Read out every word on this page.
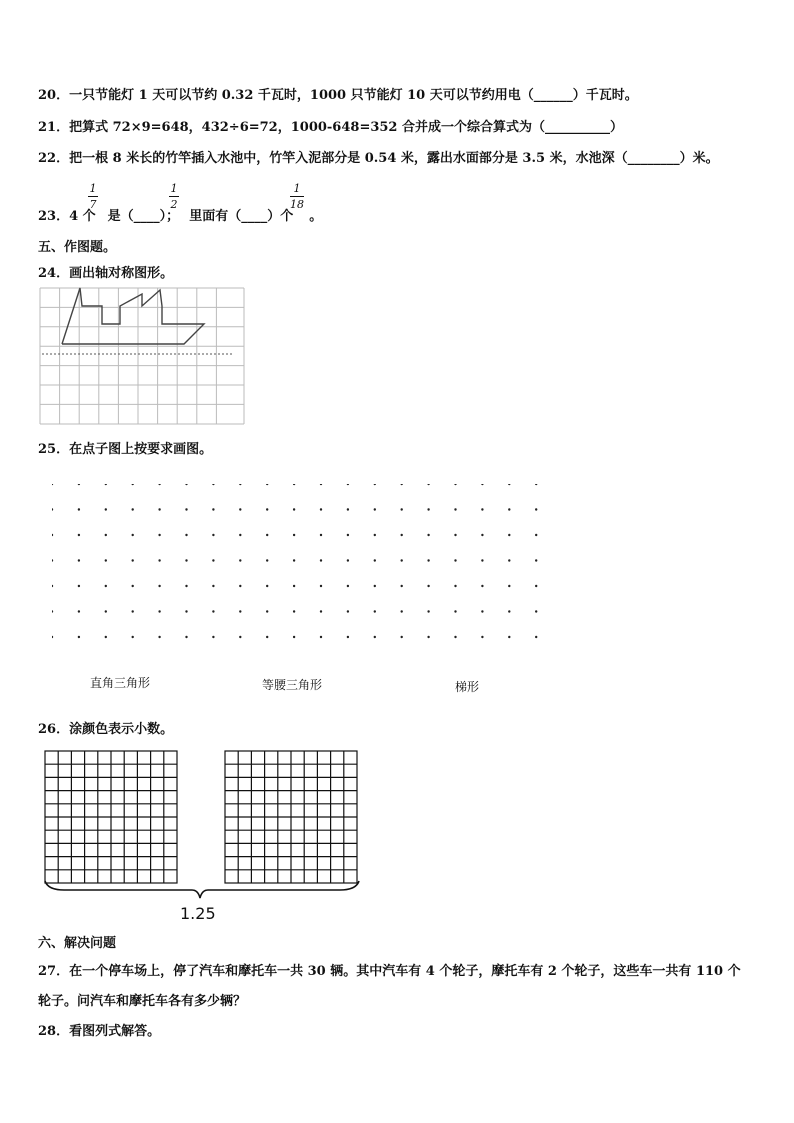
20．一只节能灯 1 天可以节约 0.32 千瓦时，1000 只节能灯 10 天可以节约用电（______）千瓦时。
21．把算式 72×9=648，432÷6=72，1000-648=352 合并成一个综合算式为（__________）
22．把一根 8 米长的竹竿插入水池中，竹竿入泥部分是 0.54 米，露出水面部分是 3.5 米，水池深（________）米。
1
7
1
2
1
18
23．4 个 是（____）； 里面有（____）个 。
五、作图题。
24．画出轴对称图形。
25．在点子图上按要求画图。
直角三角形	等腰三角形	梯形
26．涂颜色表示小数。
1.25
六、解决问题
27．在一个停车场上，停了汽车和摩托车一共 30 辆。其中汽车有 4 个轮子，摩托车有 2 个轮子，这些车一共有 110 个
轮子。问汽车和摩托车各有多少辆？
28．看图列式解答。
